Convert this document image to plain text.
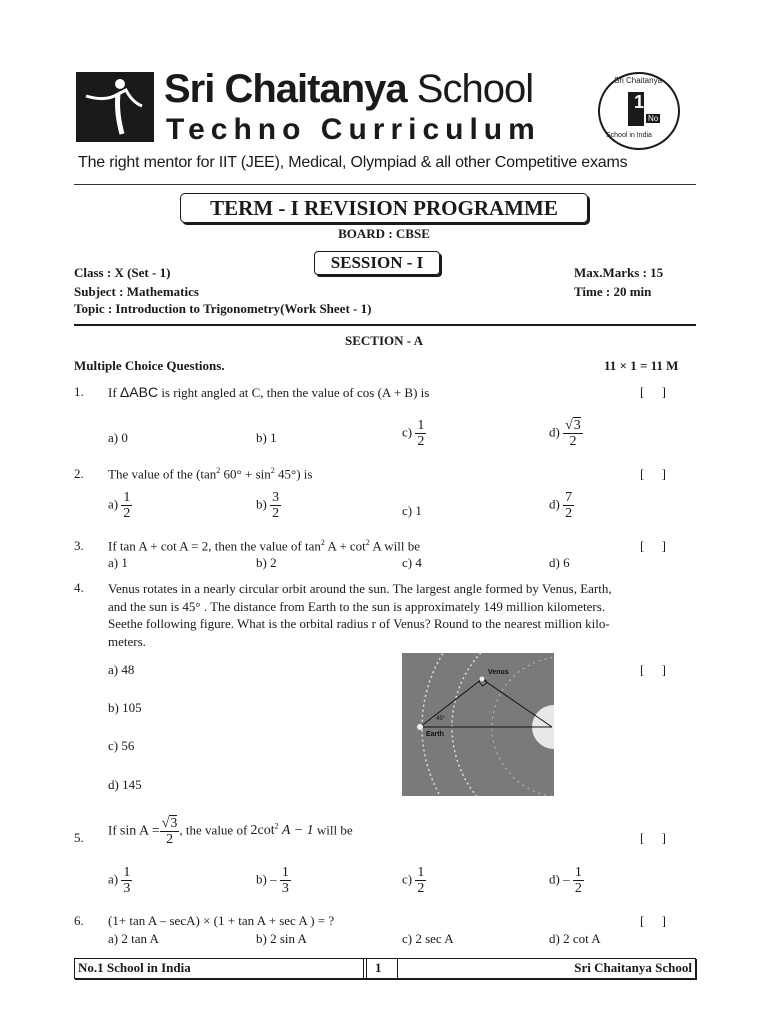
Sri Chaitanya School
Techno Curriculum
Sri Chaitanya
1
No
School in India
The right mentor for IIT (JEE), Medical, Olympiad & all other Competitive exams
TERM - I REVISION PROGRAMME
BOARD : CBSE
SESSION - I
Class : X (Set - 1)
Subject : Mathematics
Topic : Introduction to Trigonometry(Work Sheet - 1)
Max.Marks : 15
Time : 20 min
SECTION - A
Multiple Choice Questions.	11 × 1 = 11 M
1. If ΔABC is right angled at C, then the value of cos (A + B) is	[ ]
a) 0	b) 1	$c) \frac{1}{2}$	$d) \frac{√3}{2}$
2. The value of the ($\tan^2$ $60^\circ + \sin^2 45^\circ$) is	[ ]
$a) \frac{1}{2}$	$b) \frac{3}{2}$	c) 1	$d) \frac{7}{2}$
3. If tan A + cot A = 2, then the value of $\tan^2 A + \cot^2 A$ will be	[ ]
a) 1	b) 2	c) 4	d) 6
4. Venus rotates in a nearly circular orbit around the sun. The largest angle formed by Venus, Earth,
and the sun is 45° . The distance from Earth to the sun is approximately 149 million kilometers.
Seethe following figure. What is the orbital radius r of Venus? Round to the nearest million kilo-
meters.
a) 48
b) 105
c) 56
d) 145
[ ]
Venus
Earth
45°
5.
If $\sin A = \frac{√3}{2}$ , the value of $2\cot^2$ A − 1 will be
[ ]
$a) \frac{1}{3}$	$b) - \frac{1}{3}$	$c) \frac{1}{2}$	$d) - \frac{1}{2}$
6. (1+ tan A – secA) × (1 + tan A + sec A ) = ?	[ ]
a) 2 tan A	b) 2 sin A	c) 2 sec A	d) 2 cot A
No.1 School in India	1	Sri Chaitanya School
